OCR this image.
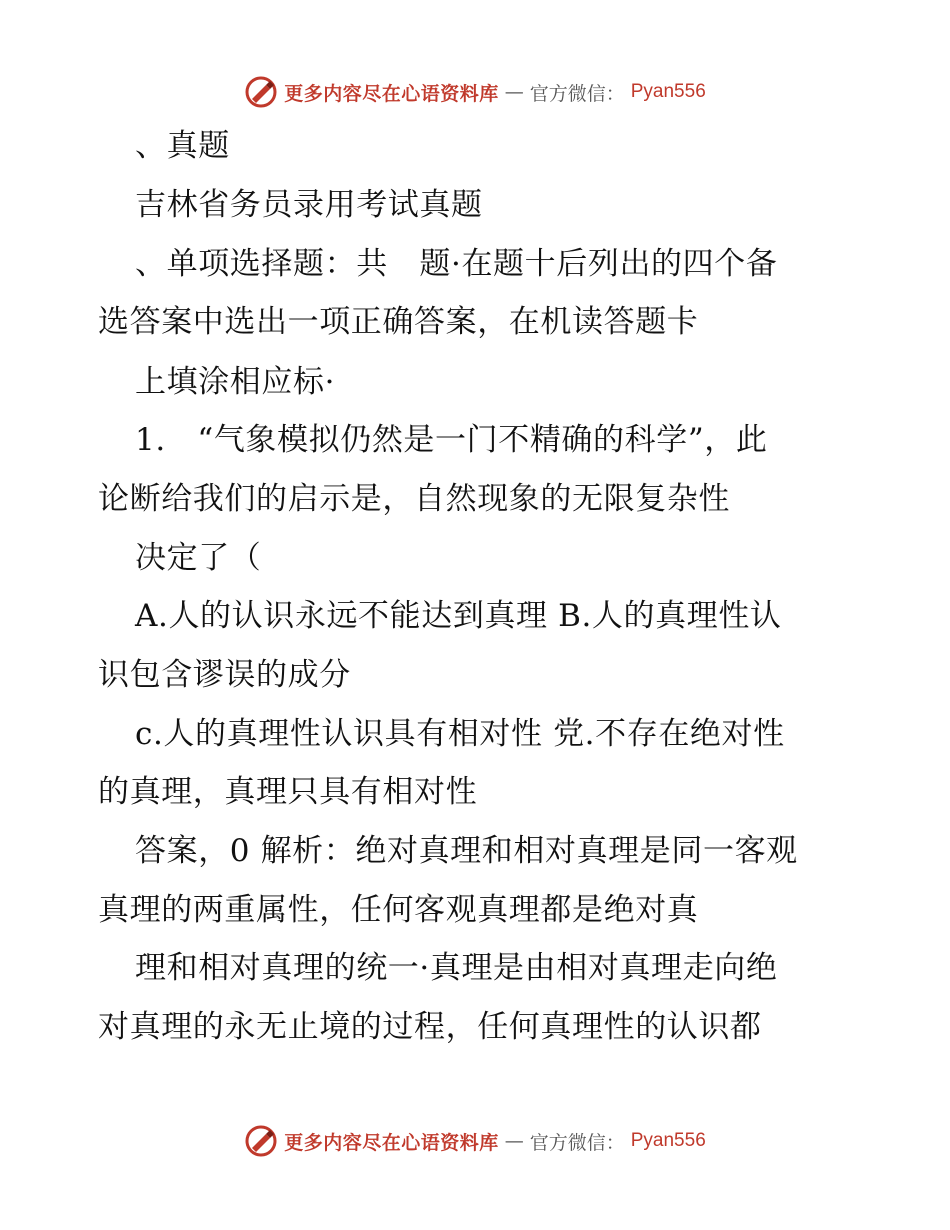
更多内容尽在心语资料库 — 官方微信： Pyan556
、真题
吉林省务员录用考试真题
、单项选择题：共　题·在题十后列出的四个备
选答案中选出一项正确答案，在机读答题卡
上填涂相应标·
1.　“气象模拟仍然是一门不精确的科学”，此
论断给我们的启示是，自然现象的无限复杂性
决定了（
A.人的认识永远不能达到真理 B.人的真理性认
识包含谬误的成分
c.人的真理性认识具有相对性 党.不存在绝对性
的真理，真理只具有相对性
答案，0 解析：绝对真理和相对真理是同一客观
真理的两重属性，任何客观真理都是绝对真
理和相对真理的统一·真理是由相对真理走向绝
对真理的永无止境的过程，任何真理性的认识都
更多内容尽在心语资料库 — 官方微信： Pyan556
